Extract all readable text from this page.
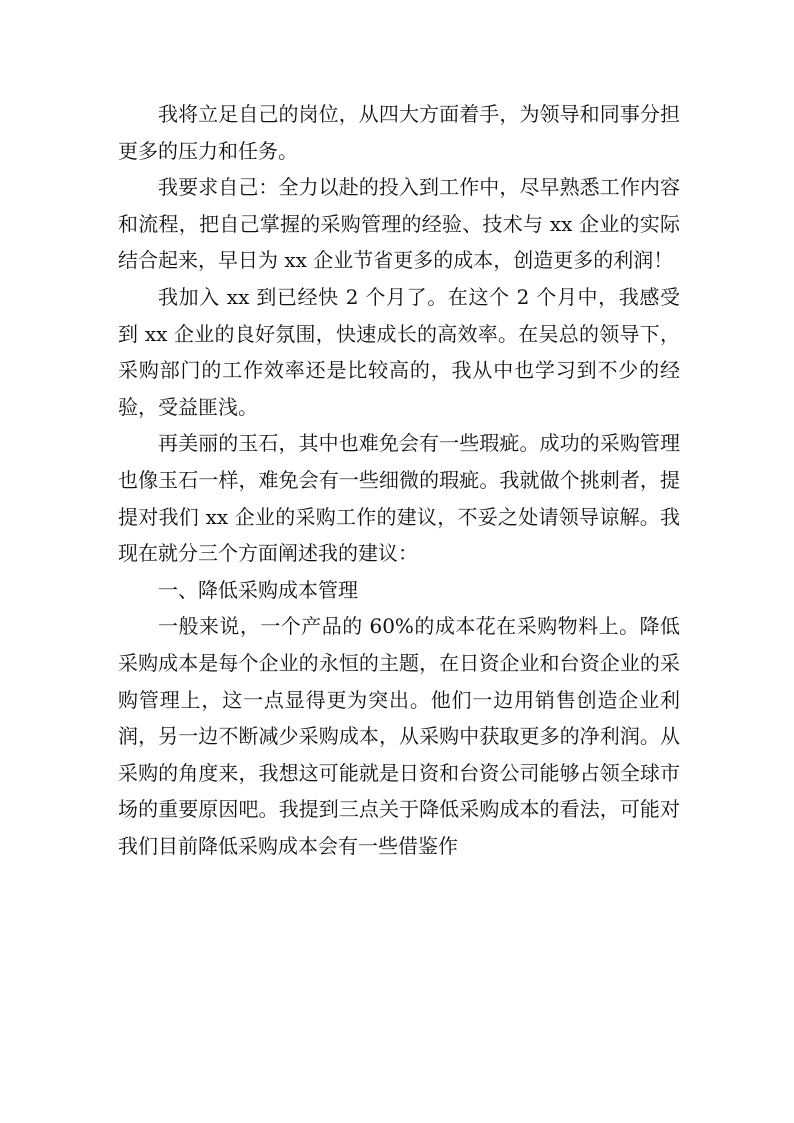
我将立足自己的岗位，从四大方面着手，为领导和同事分担更多的压力和任务。

我要求自己：全力以赴的投入到工作中，尽早熟悉工作内容和流程，把自己掌握的采购管理的经验、技术与 xx 企业的实际结合起来，早日为 xx 企业节省更多的成本，创造更多的利润！

我加入 xx 到已经快 2 个月了。在这个 2 个月中，我感受到 xx 企业的良好氛围，快速成长的高效率。在吴总的领导下，采购部门的工作效率还是比较高的，我从中也学习到不少的经验，受益匪浅。

再美丽的玉石，其中也难免会有一些瑕疵。成功的采购管理也像玉石一样，难免会有一些细微的瑕疵。我就做个挑刺者，提提对我们 xx 企业的采购工作的建议，不妥之处请领导谅解。我现在就分三个方面阐述我的建议：

一、降低采购成本管理

一般来说，一个产品的 60%的成本花在采购物料上。降低采购成本是每个企业的永恒的主题，在日资企业和台资企业的采购管理上，这一点显得更为突出。他们一边用销售创造企业利润，另一边不断减少采购成本，从采购中获取更多的净利润。从采购的角度来，我想这可能就是日资和台资公司能够占领全球市场的重要原因吧。我提到三点关于降低采购成本的看法，可能对我们目前降低采购成本会有一些借鉴作
